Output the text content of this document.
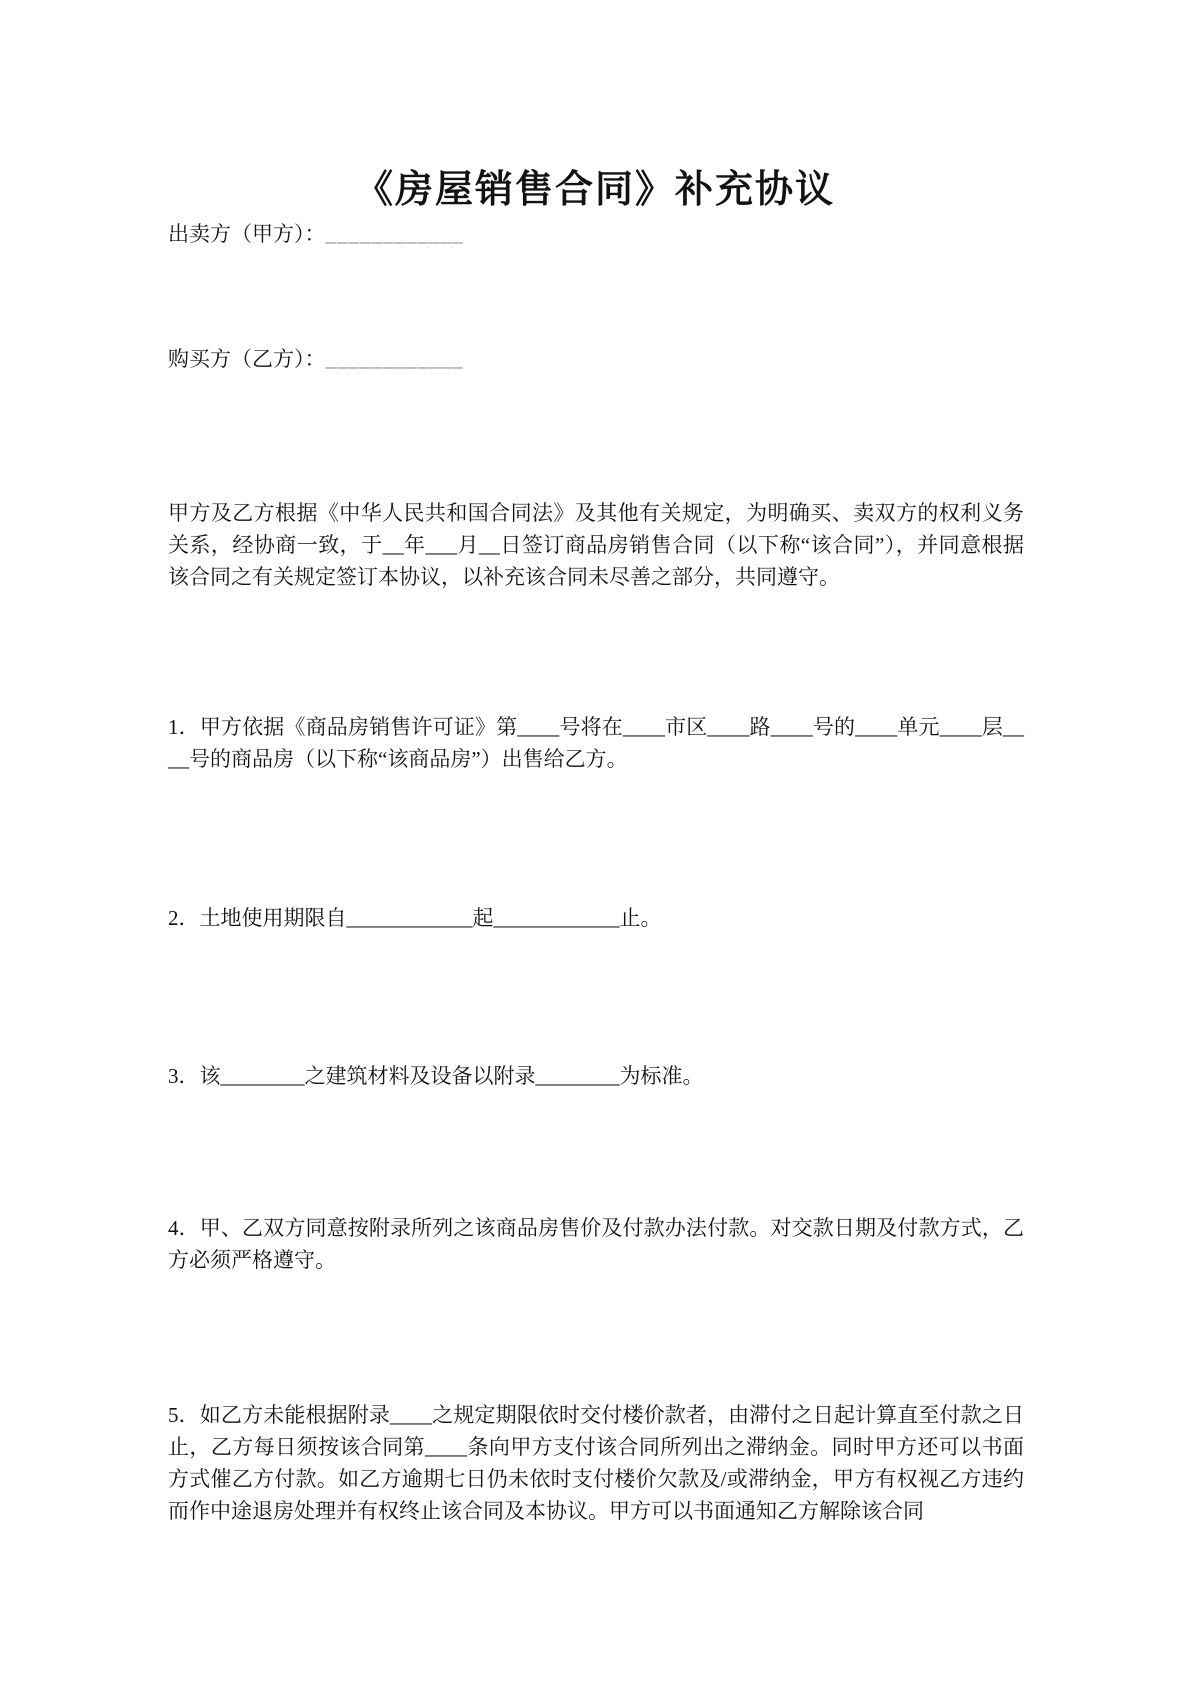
《房屋销售合同》补充协议
出卖方（甲方）：____________
购买方（乙方）：____________
甲方及乙方根据《中华人民共和国合同法》及其他有关规定，为明确买、卖双方的权利义务关系，经协商一致，于__年___月__日签订商品房销售合同（以下称“该合同”），并同意根据该合同之有关规定签订本协议，以补充该合同未尽善之部分，共同遵守。
1．甲方依据《商品房销售许可证》第____号将在____市区____路____号的____单元____层____号的商品房（以下称“该商品房”）出售给乙方。
2．土地使用期限自____________起____________止。
3．该________之建筑材料及设备以附录________为标准。
4．甲、乙双方同意按附录所列之该商品房售价及付款办法付款。对交款日期及付款方式，乙方必须严格遵守。
5．如乙方未能根据附录____之规定期限依时交付楼价款者，由滞付之日起计算直至付款之日止，乙方每日须按该合同第____条向甲方支付该合同所列出之滞纳金。同时甲方还可以书面方式催乙方付款。如乙方逾期七日仍未依时支付楼价欠款及/或滞纳金，甲方有权视乙方违约而作中途退房处理并有权终止该合同及本协议。甲方可以书面通知乙方解除该合同
